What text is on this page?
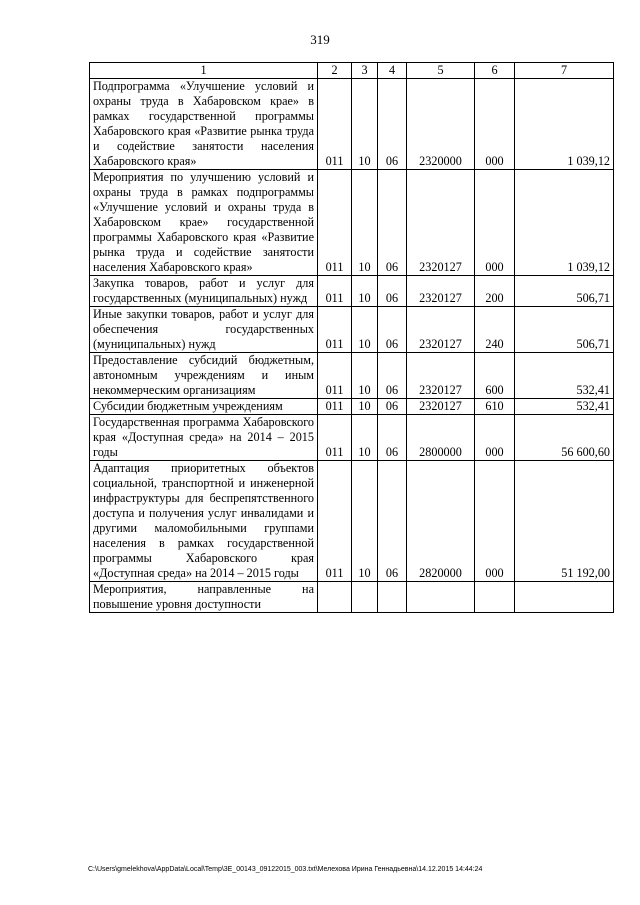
319
1	2	3	4	5	6	7
Подпрограмма «Улучшение условий и охраны труда в Хабаровском крае» в рамках государственной программы Хабаровского края «Развитие рынка труда и содействие занятости населения Хабаровского края»	011	10	06	2320000	000	1 039,12
Мероприятия по улучшению условий и охраны труда в рамках подпрограммы «Улучшение условий и охраны труда в Хабаровском крае» государственной программы Хабаровского края «Развитие рынка труда и содействие занятости населения Хабаровского края»	011	10	06	2320127	000	1 039,12
Закупка товаров, работ и услуг для государственных (муниципальных) нужд	011	10	06	2320127	200	506,71
Иные закупки товаров, работ и услуг для обеспечения государственных (муниципальных) нужд	011	10	06	2320127	240	506,71
Предоставление субсидий бюджетным, автономным учреждениям и иным некоммерческим организациям	011	10	06	2320127	600	532,41
Субсидии бюджетным учреждениям	011	10	06	2320127	610	532,41
Государственная программа Хабаровского края «Доступная среда» на 2014 – 2015 годы	011	10	06	2800000	000	56 600,60
Адаптация приоритетных объектов социальной, транспортной и инженерной инфраструктуры для беспрепятственного доступа и получения услуг инвалидами и другими маломобильными группами населения в рамках государственной программы Хабаровского края «Доступная среда» на 2014 – 2015 годы	011	10	06	2820000	000	51 192,00
Мероприятия, направленные на повышение уровня доступности						
C:\Users\gmelekhova\AppData\Local\Temp\3E_00143_09122015_003.txt\Мелехова Ирина Геннадьевна\14.12.2015 14:44:24
